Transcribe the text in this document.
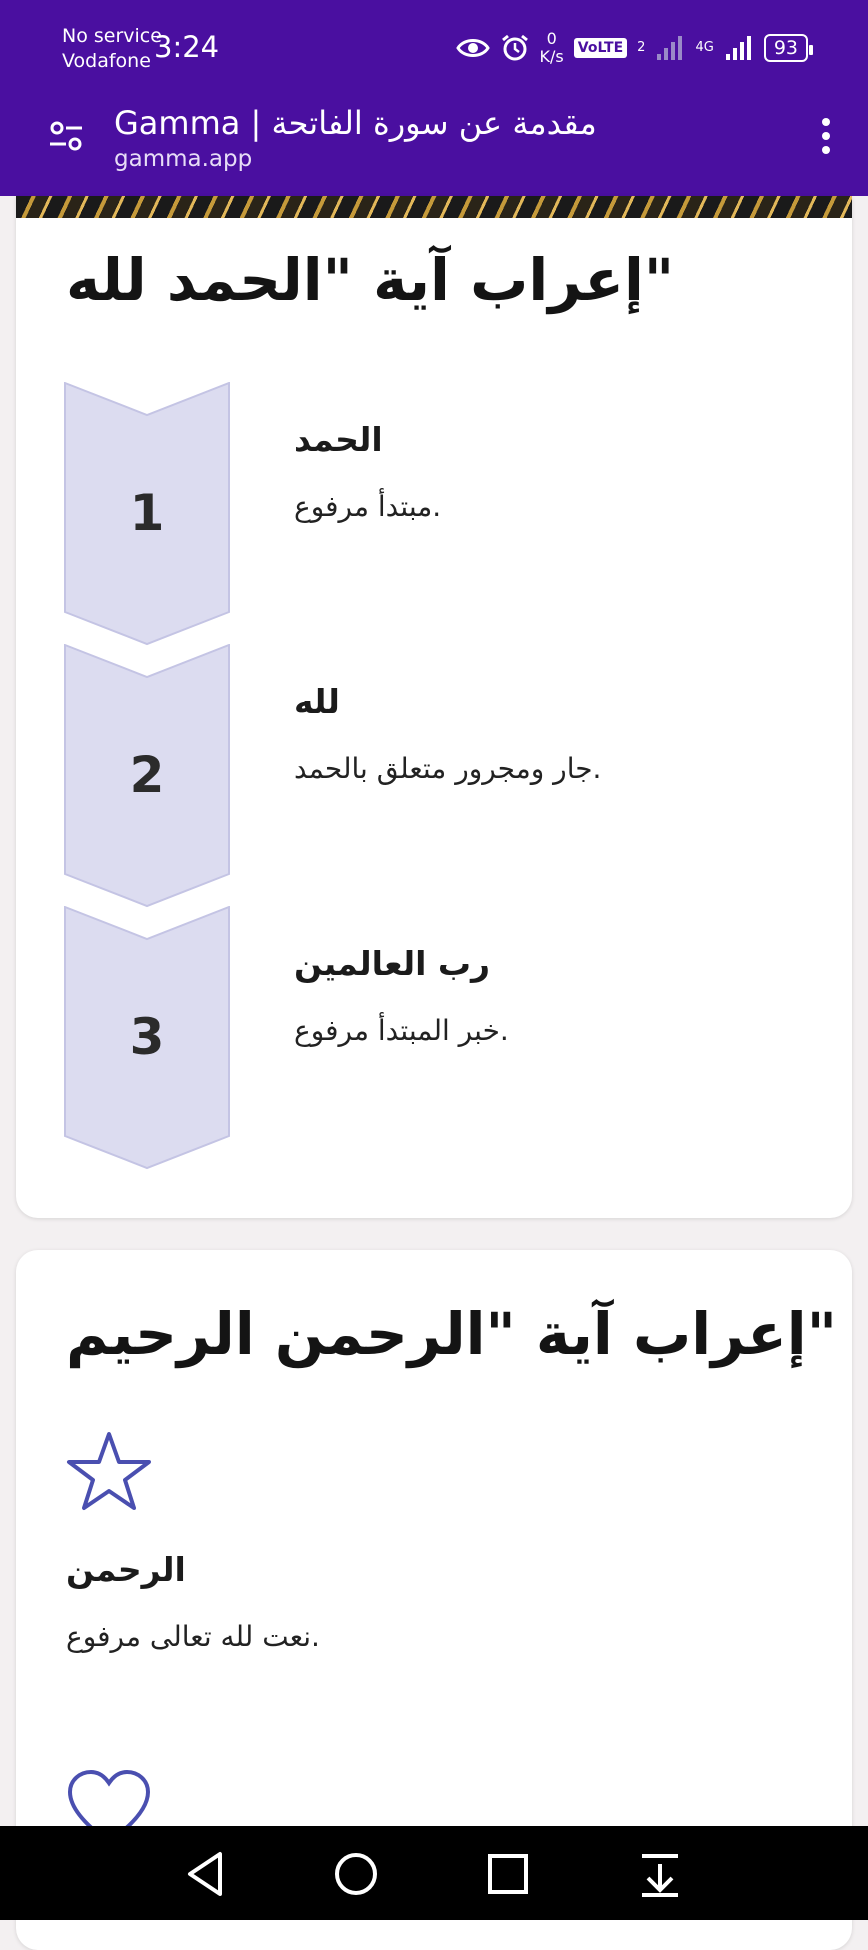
No service
Vodafone 3:24	0
K/s VoLTE	2	4G	93
Gamma | مقدمة عن سورة الفاتحة
gamma.app
إعراب آية "الحمد لله"
1
الحمد
مبتدأ مرفوع.
2
لله
جار ومجرور متعلق بالحمد.
3
رب العالمين
خبر المبتدأ مرفوع.
إعراب آية "الرحمن الرحيم"
الرحمن
نعت لله تعالى مرفوع.
